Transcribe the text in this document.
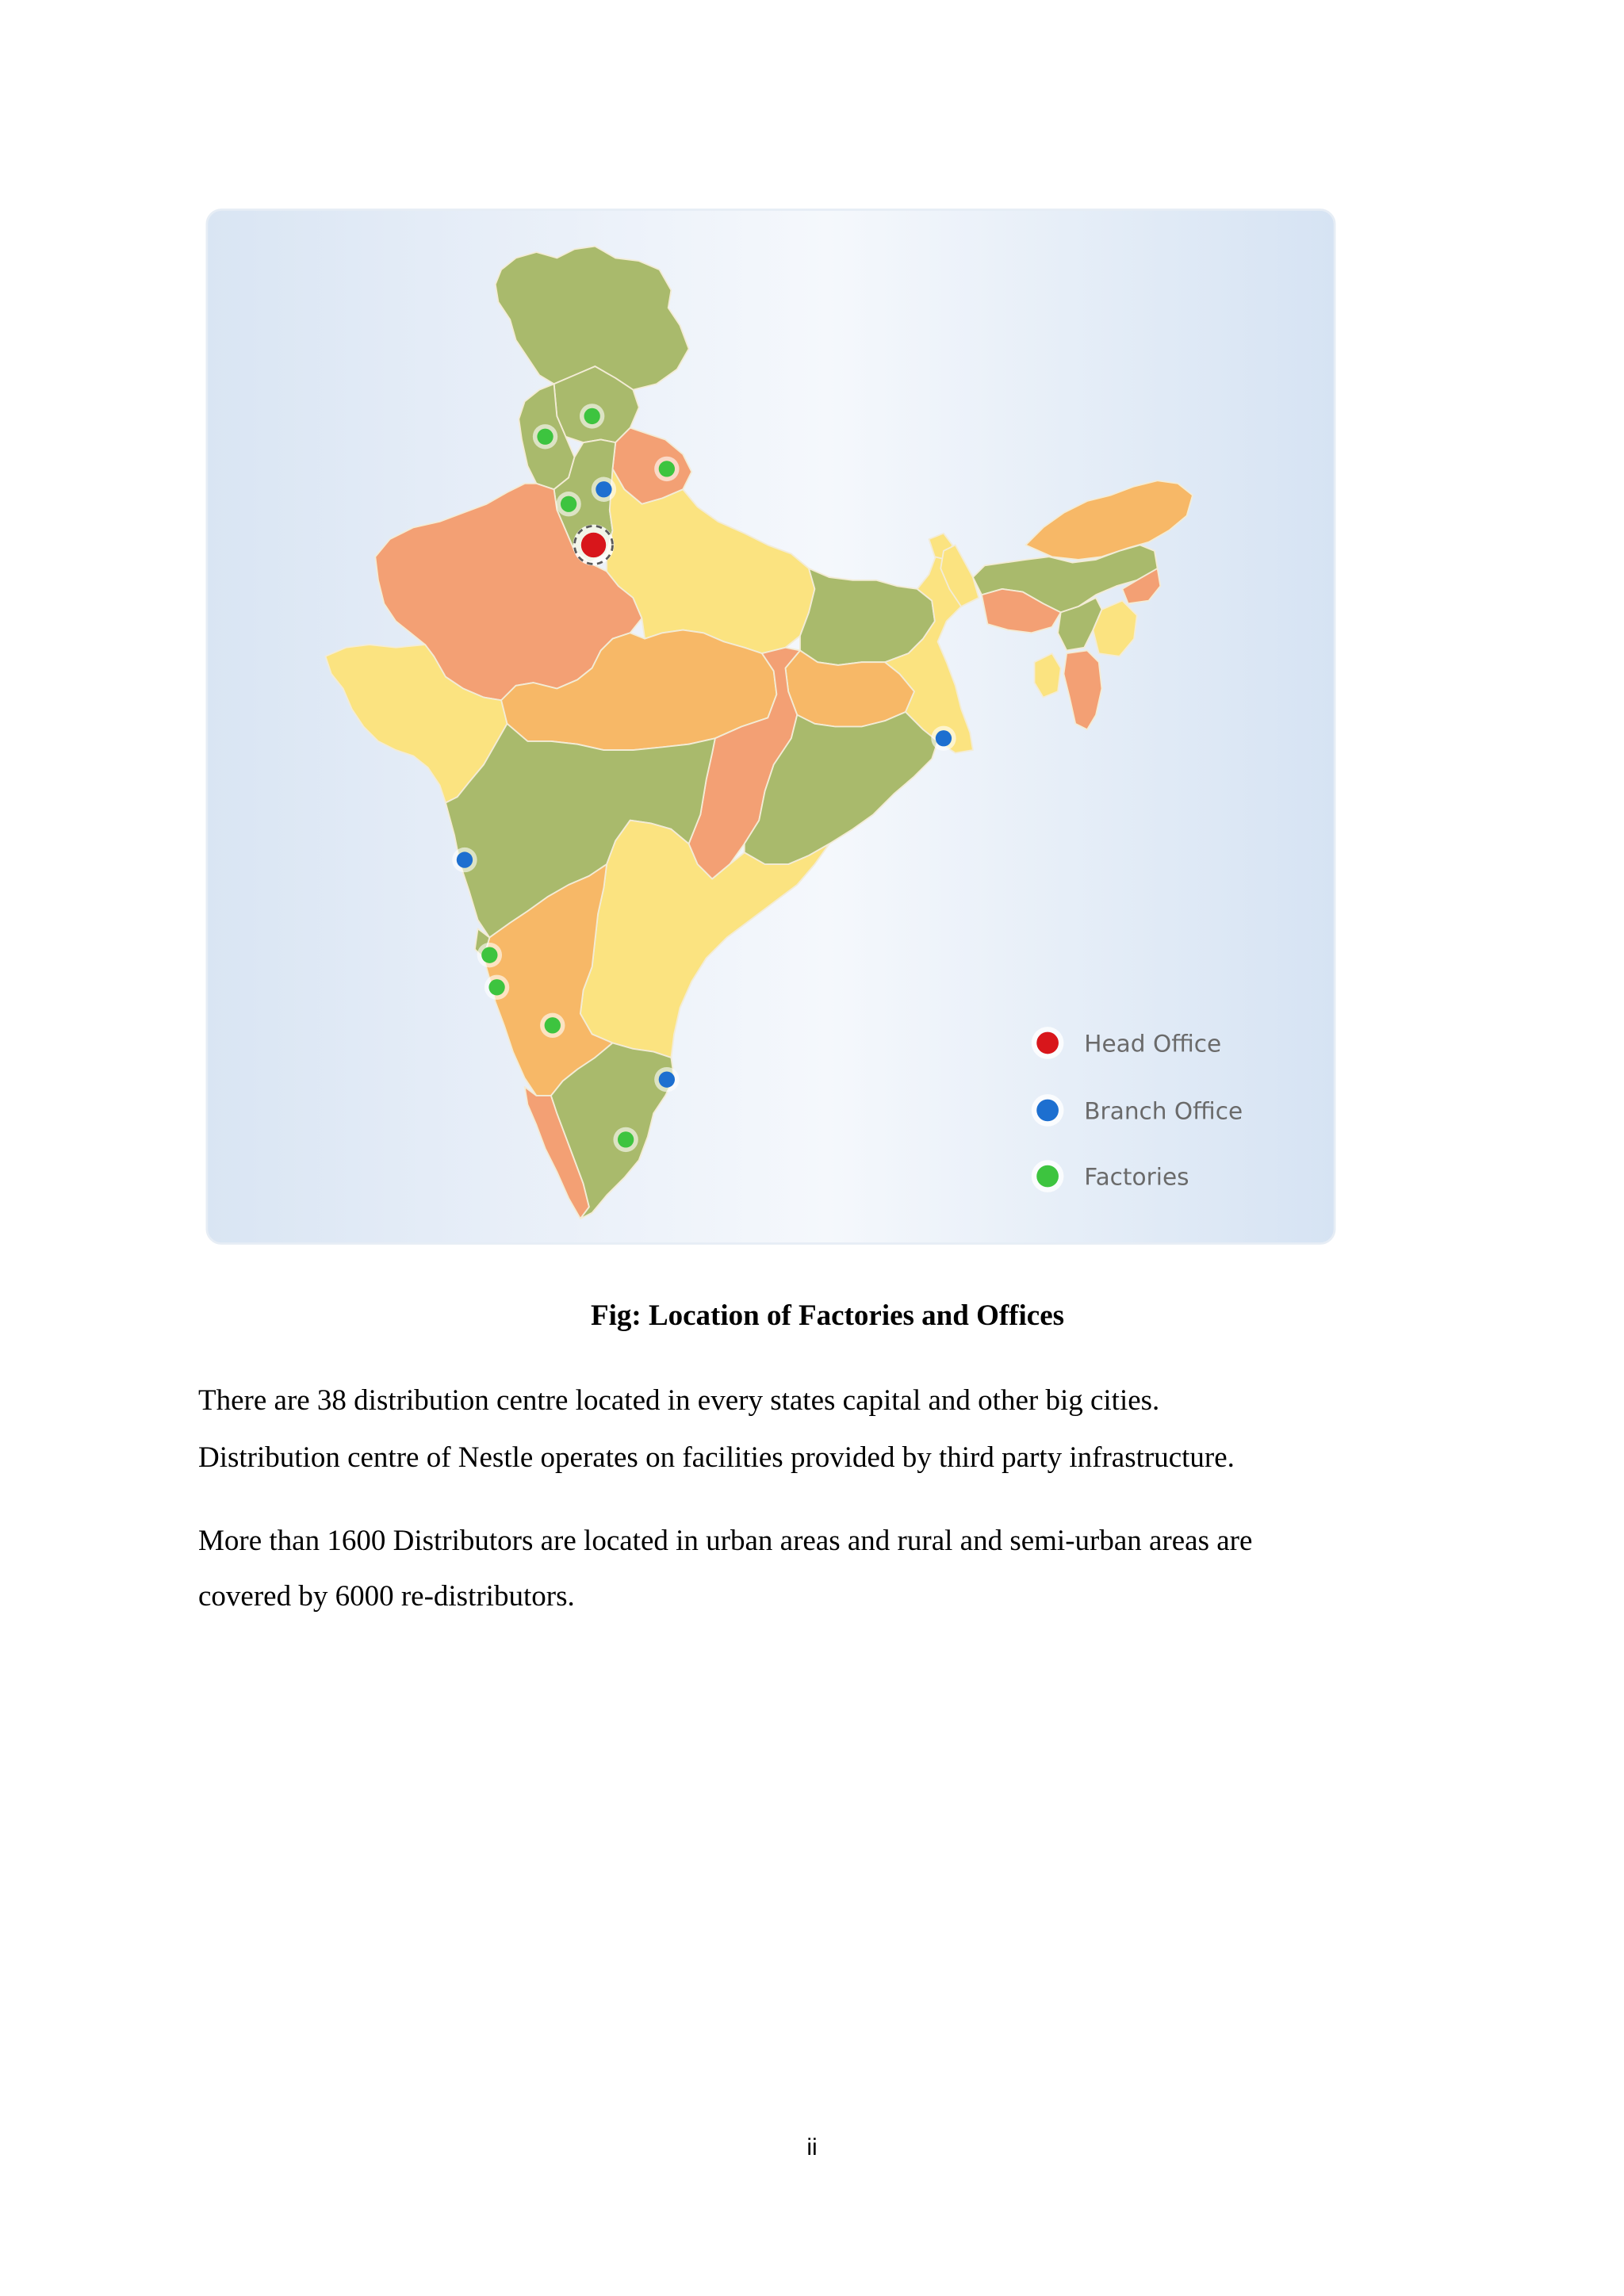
Head Office
Branch Office
Factories
Fig: Location of Factories and Offices
There are 38 distribution centre located in every states capital and other big cities.
Distribution centre of Nestle operates on facilities provided by third party infrastructure.
More than 1600 Distributors are located in urban areas and rural and semi-urban areas are
covered by 6000 re-distributors.
ii
